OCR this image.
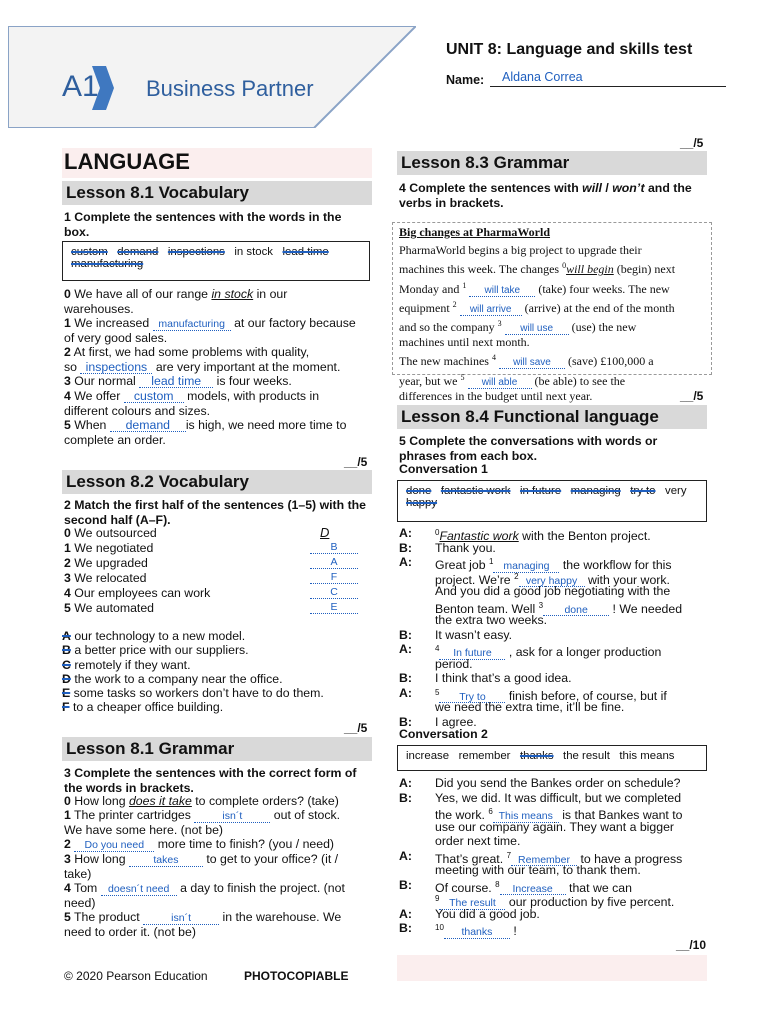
A1 Business Partner
UNIT 8: Language and skills test
Name: Aldana Correa
LANGUAGE
Lesson 8.1 Vocabulary
1 Complete the sentences with the words in the box.
custom demand inspections in stock lead time
manufacturing
0 We have all of our range in stock in our
warehouses.
1 We increased manufacturing at our factory because
of very good sales.
2 At first, we had some problems with quality,
so inspections are very important at the moment.
3 Our normal lead time is four weeks.
4 We offer custom models, with products in
different colours and sizes.
5 When demand is high, we need more time to
complete an order.
__/5
Lesson 8.2 Vocabulary
2 Match the first half of the sentences (1–5) with the second half (A–F).
0 We outsourced	D
1 We negotiated	B
2 We upgraded	A
3 We relocated	F
4 Our employees can work	C
5 We automated	E
A our technology to a new model.
B a better price with our suppliers.
C remotely if they want.
D the work to a company near the office.
E some tasks so workers don’t have to do them.
F to a cheaper office building.
__/5
Lesson 8.1 Grammar
3 Complete the sentences with the correct form of the words in brackets.
0 How long does it take to complete orders? (take)
1 The printer cartridges	isn´t	out of stock.
We have some here. (not be)
2 Do you need more time to finish? (you / need)
3 How long	takes to get to your office? (it /
take)
4 Tom doesn´t need a day to finish the project. (not
need)
5 The product	isn´t	in the warehouse. We
need to order it. (not be)
© 2020 Pearson Education	PHOTOCOPIABLE
__/5
Lesson 8.3 Grammar
4 Complete the sentences with will / won’t and the verbs in brackets.
Big changes at PharmaWorld
PharmaWorld begins a big project to upgrade their
machines this week. The changes $^0$will begin (begin) next
Monday and $^1$ will take (take) four weeks. The new
equipment $^2$ will arrive (arrive) at the end of the month
and so the company $^3$ will use (use) the new
machines until next month.
The new machines $^4$ will save (save) £100,000 a
year, but we $^5$ will able (be able) to see the
differences in the budget until next year.	__/5
Lesson 8.4 Functional language
5 Complete the conversations with words or phrases from each box.
Conversation 1
done fantastic work in future managing try to very
happy
A:	$^0$Fantastic work with the Benton project.
B: Thank you.
A: Great job $^1$ managing the workflow for this
project. We’re $^2$ very happy with your work.
And you did a good job negotiating with the
Benton team. Well $^3$ done ! We needed
the extra two weeks.
B: It wasn’t easy.
A:	$^4$ In future , ask for a longer production
period.
B: I think that’s a good idea.
A:	$^5$ Try to finish before, of course, but if
we need the extra time, it’ll be fine.
B: I agree.
Conversation 2
increase remember thanks the result this means
A: Did you send the Bankes order on schedule?
B: Yes, we did. It was difficult, but we completed
the work. $^6$ This means is that Bankes want to
use our company again. They want a bigger
order next time.
A: That’s great. $^7$ Remember to have a progress
meeting with our team, to thank them.
B: Of course. $^8$ Increase that we can
$^9$ The result our production by five percent.
A: You did a good job.
B:	$^{10}$ thanks !
__/10
